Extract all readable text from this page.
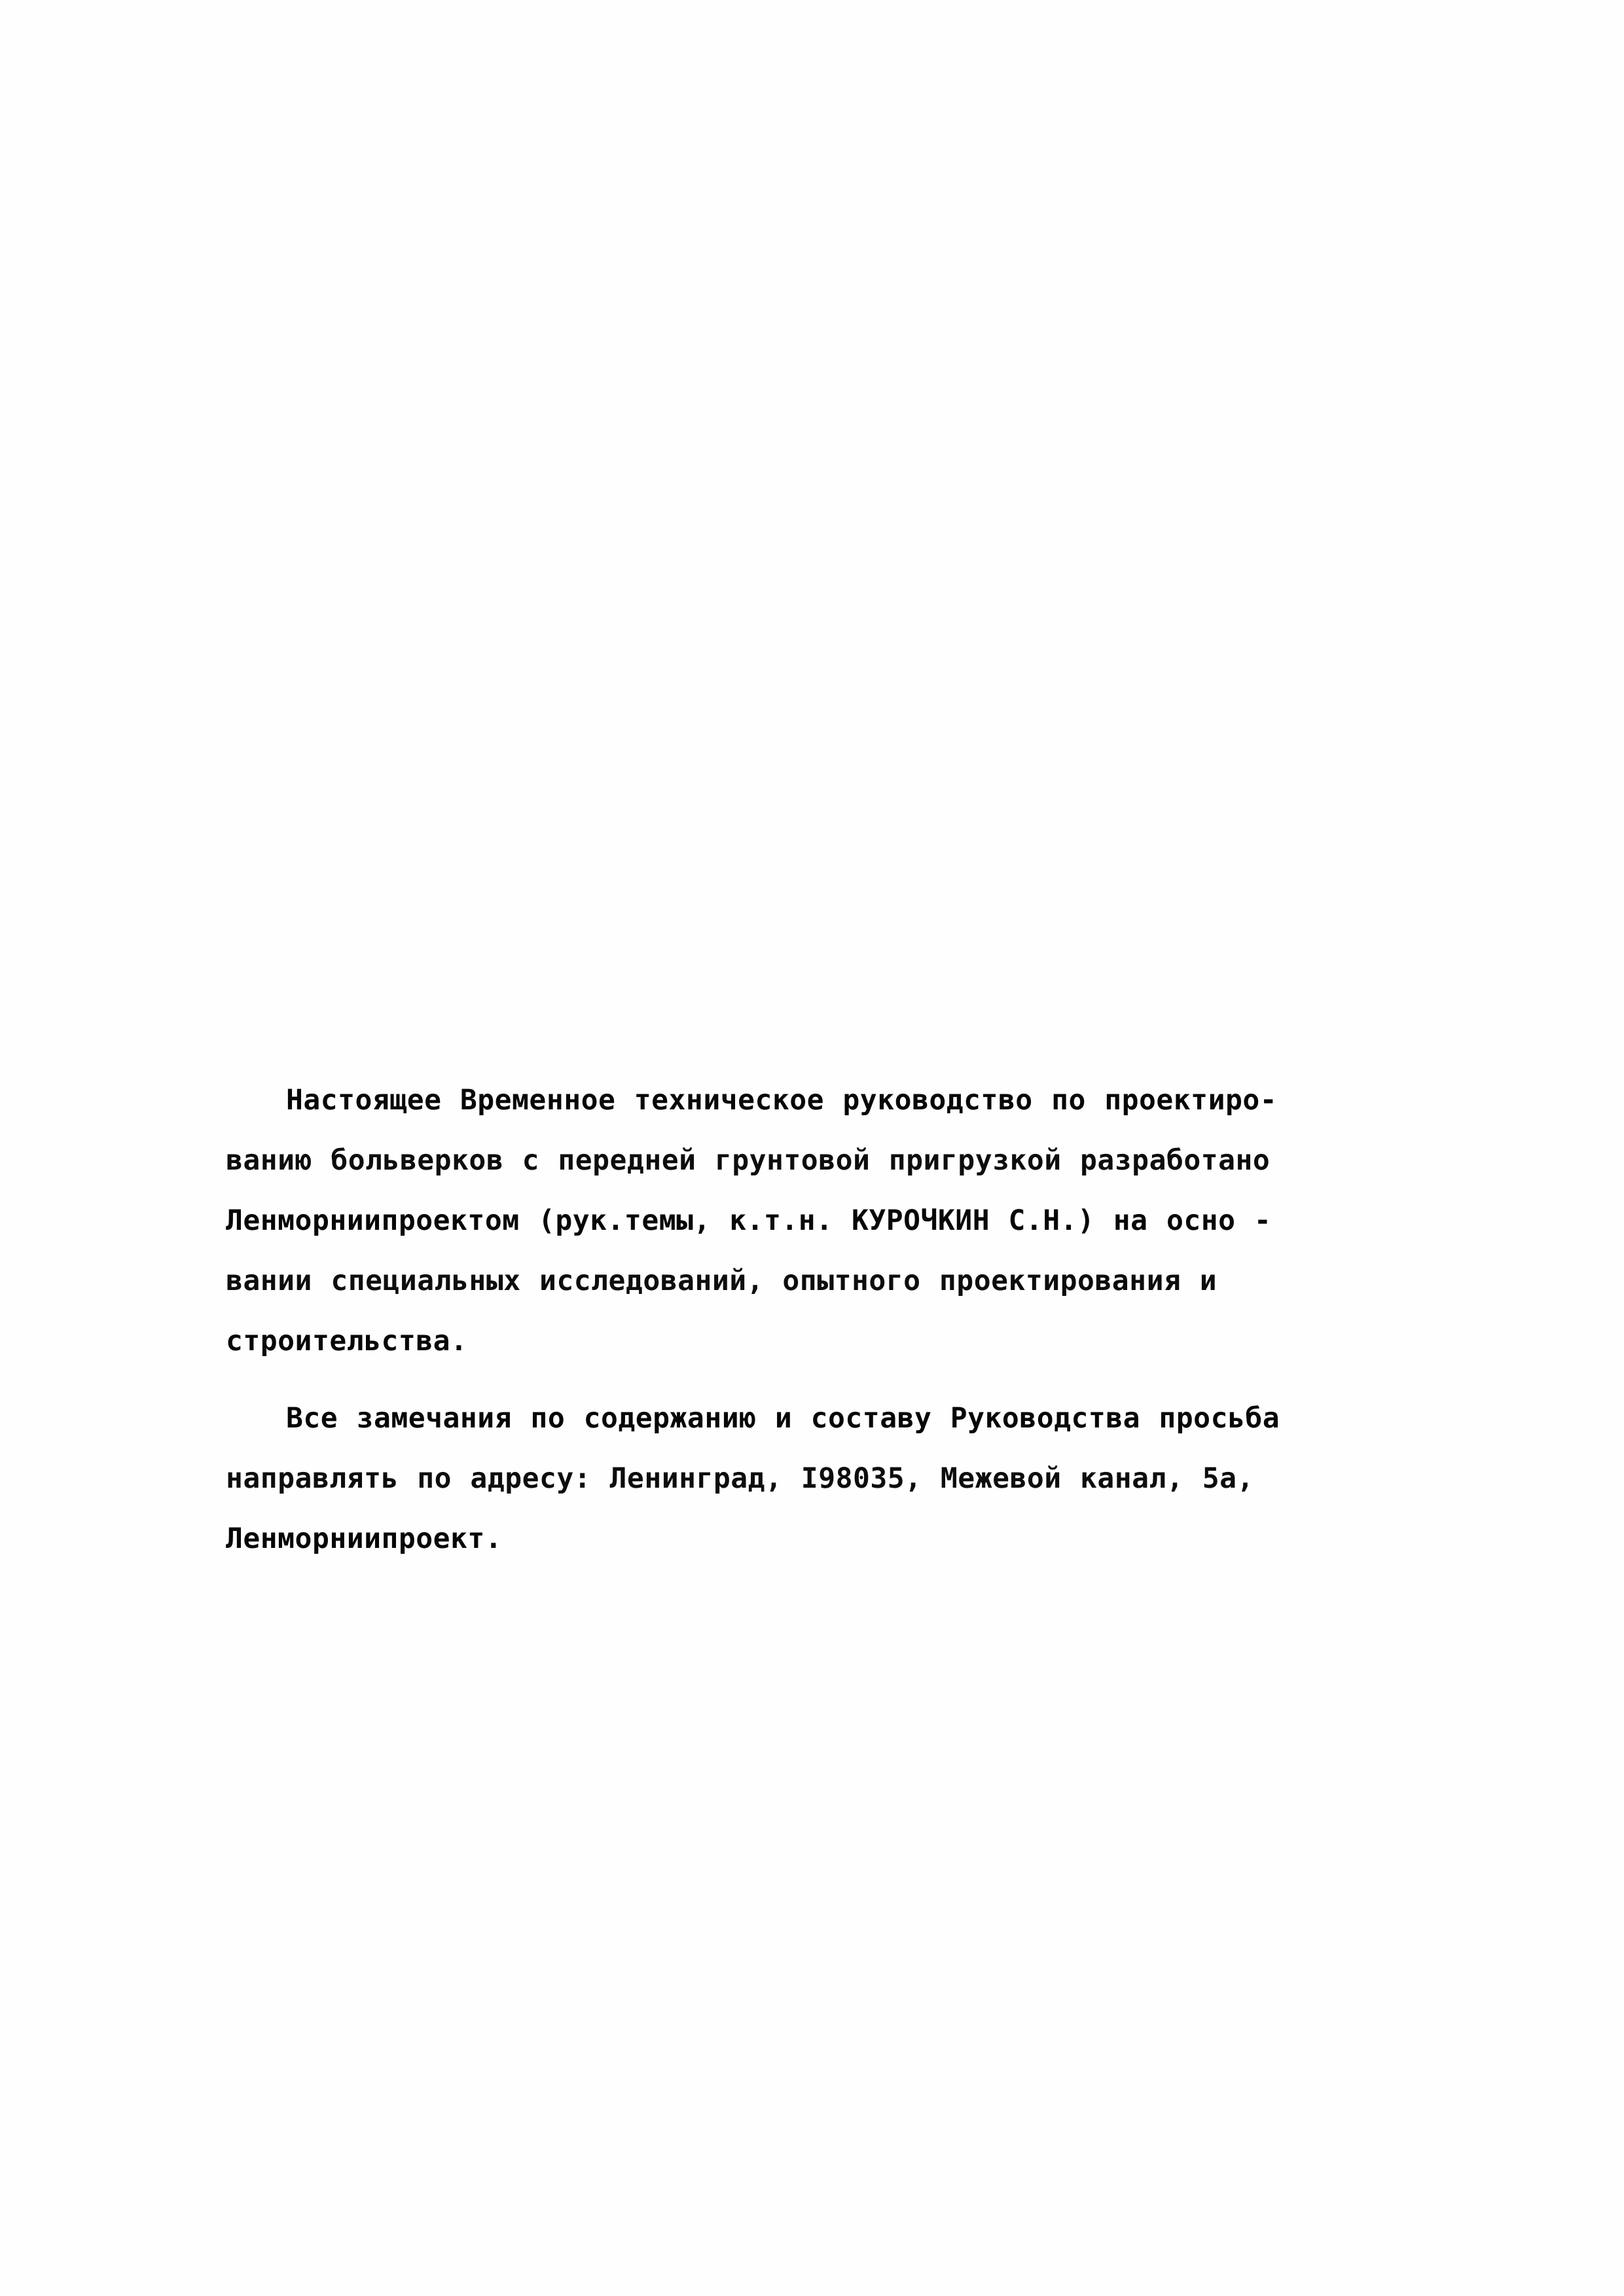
Настоящее Временное техническое руководство по проектиро-
ванию больверков с передней грунтовой пригрузкой разработано
Ленморниипроектом (рук.темы, к.т.н. КУРОЧКИН С.Н.) на осно -
вании специальных исследований, опытного проектирования и
строительства.

Все замечания по содержанию и составу Руководства просьба
направлять по адресу: Ленинград, I98035, Межевой канал, 5а,
Ленморниипроект.
